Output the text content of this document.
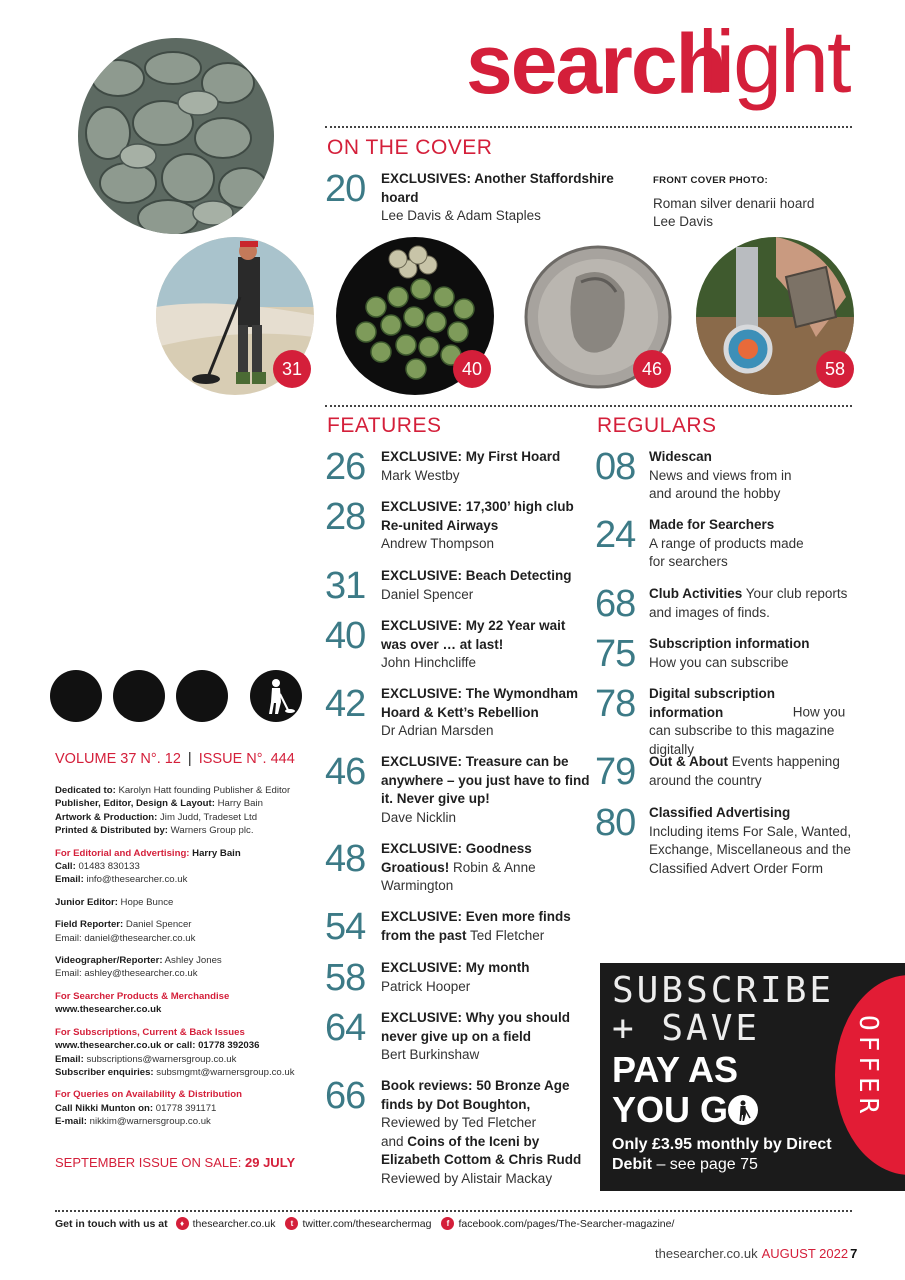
search
light
ON THE COVER
20	EXCLUSIVES: Another Staffordshire hoard
Lee Davis & Adam Staples
FRONT COVER PHOTO:
Roman silver denarii hoard
Lee Davis
31	40	46	58
FEATURES
26	EXCLUSIVE: My First Hoard
Mark Westby
28	EXCLUSIVE: 17,300’ high club Re-united Airways
Andrew Thompson
31	EXCLUSIVE: Beach Detecting
Daniel Spencer
40	EXCLUSIVE: My 22 Year wait was over … at last!
John Hinchcliffe
42	EXCLUSIVE: The Wymondham Hoard & Kett’s Rebellion
Dr Adrian Marsden
46	EXCLUSIVE: Treasure can be anywhere – you just have to find it. Never give up!
Dave Nicklin
48	EXCLUSIVE: Goodness Groatious! Robin & Anne Warmington
54	EXCLUSIVE: Even more finds from the past Ted Fletcher
58	EXCLUSIVE: My month
Patrick Hooper
64	EXCLUSIVE: Why you should never give up on a field
Bert Burkinshaw
66	Book reviews: 50 Bronze Age finds by Dot Boughton,
Reviewed by Ted Fletcher
and Coins of the Iceni by Elizabeth Cottom & Chris Rudd Reviewed by Alistair Mackay
REGULARS
08	Widescan
News and views from in and around the hobby
24	Made for Searchers
A range of products made for searchers
68	Club Activities Your club reports and images of finds.
75	Subscription information
How you can subscribe
78	Digital subscription information	How you can subscribe to this magazine digitally
79	Out & About Events happening around the country
80	Classified Advertising
Including items For Sale, Wanted, Exchange, Miscellaneous and the Classified Advert Order Form
VOLUME 37 N°. 12 | ISSUE N°. 444
Dedicated to: Karolyn Hatt founding Publisher & Editor
Publisher, Editor, Design & Layout: Harry Bain
Artwork & Production: Jim Judd, Tradeset Ltd
Printed & Distributed by: Warners Group plc.
For Editorial and Advertising: Harry Bain
Call: 01483 830133
Email: info@thesearcher.co.uk
Junior Editor: Hope Bunce
Field Reporter: Daniel Spencer
Email: daniel@thesearcher.co.uk
Videographer/Reporter: Ashley Jones
Email: ashley@thesearcher.co.uk
For Searcher Products & Merchandise
www.thesearcher.co.uk
For Subscriptions, Current & Back Issues
www.thesearcher.co.uk or call: 01778 392036
Email: subscriptions@warnersgroup.co.uk
Subscriber enquiries: subsmgmt@warnersgroup.co.uk
For Queries on Availability & Distribution
Call Nikki Munton on: 01778 391171
E-mail: nikkim@warnersgroup.co.uk
SEPTEMBER ISSUE ON SALE: 29 JULY
OFFER
SUBSCRIBE
+ SAVE
PAY AS
YOU G
Only £3.95 monthly by Direct Debit – see page 75
Get in touch with us at	♦ thesearcher.co.uk	t twitter.com/thesearchermag	f facebook.com/pages/The-Searcher-magazine/
thesearcher.co.uk AUGUST 2022 7
